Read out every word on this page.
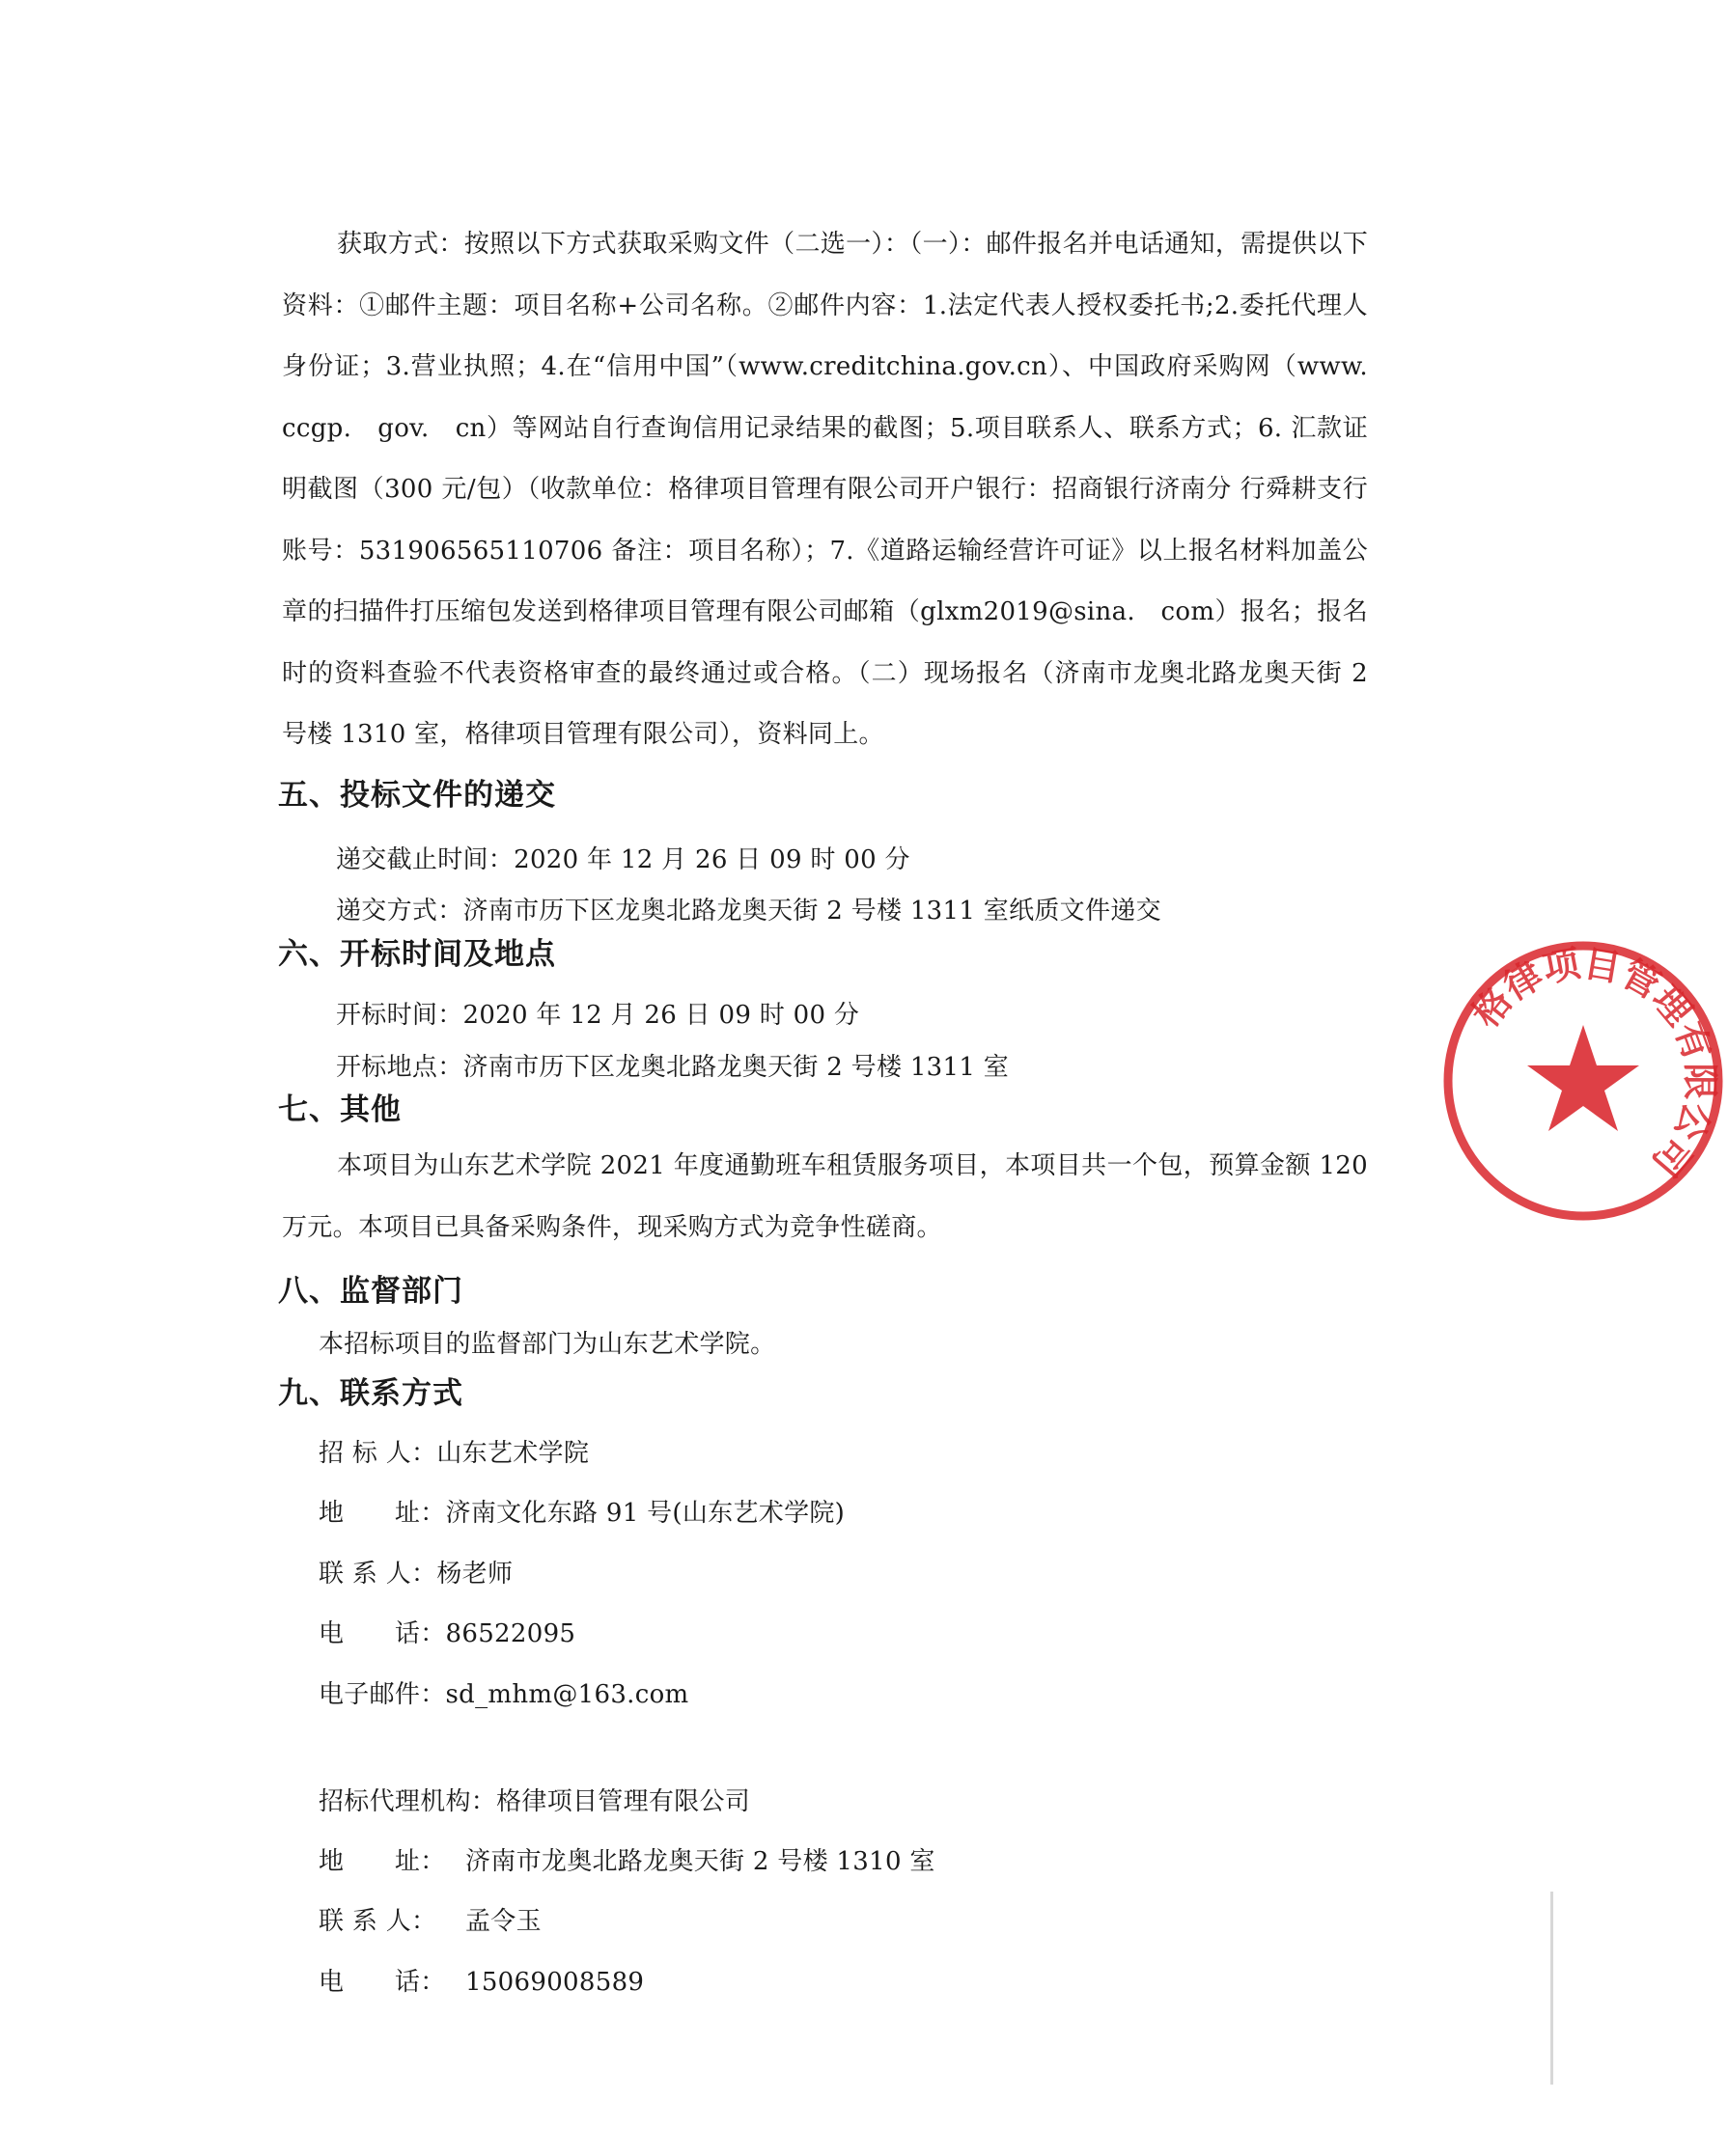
获取方式：按照以下方式获取采购文件（二选一）：（一）：邮件报名并电话通知，需提供以下资料：①邮件主题：项目名称+公司名称。②邮件内容：1.法定代表人授权委托书;2.委托代理人身份证；3.营业执照；4.在“信用中国”（www.creditchina.gov.cn）、中国政府采购网（www.　ccgp.　gov.　cn）等网站自行查询信用记录结果的截图；5.项目联系人、联系方式；6. 汇款证明截图（300 元/包）（收款单位：格律项目管理有限公司开户银行：招商银行济南分 行舜耕支行账号：531906565110706 备注：项目名称）；7.《道路运输经营许可证》以上报名材料加盖公章的扫描件打压缩包发送到格律项目管理有限公司邮箱（glxm2019@sina.　com）报名；报名时的资料查验不代表资格审查的最终通过或合格。（二）现场报名（济南市龙奥北路龙奥天街 2 号楼 1310 室，格律项目管理有限公司），资料同上。

五、投标文件的递交

递交截止时间：2020 年 12 月 26 日 09 时 00 分

递交方式：济南市历下区龙奥北路龙奥天街 2 号楼 1311 室纸质文件递交

六、开标时间及地点

开标时间：2020 年 12 月 26 日 09 时 00 分

开标地点：济南市历下区龙奥北路龙奥天街 2 号楼 1311 室

七、其他

本项目为山东艺术学院 2021 年度通勤班车租赁服务项目，本项目共一个包，预算金额 120 万元。本项目已具备采购条件，现采购方式为竞争性磋商。

八、监督部门

本招标项目的监督部门为山东艺术学院。

九、联系方式

招 标 人：山东艺术学院

地　　址：济南文化东路 91 号(山东艺术学院)

联 系 人：杨老师

电　　话：86522095

电子邮件：sd_mhm@163.com

招标代理机构：格律项目管理有限公司

地　　址： 济南市龙奥北路龙奥天街 2 号楼 1310 室

联 系 人： 孟令玉

电　　话： 15069008589

格律项目管理有限公司
